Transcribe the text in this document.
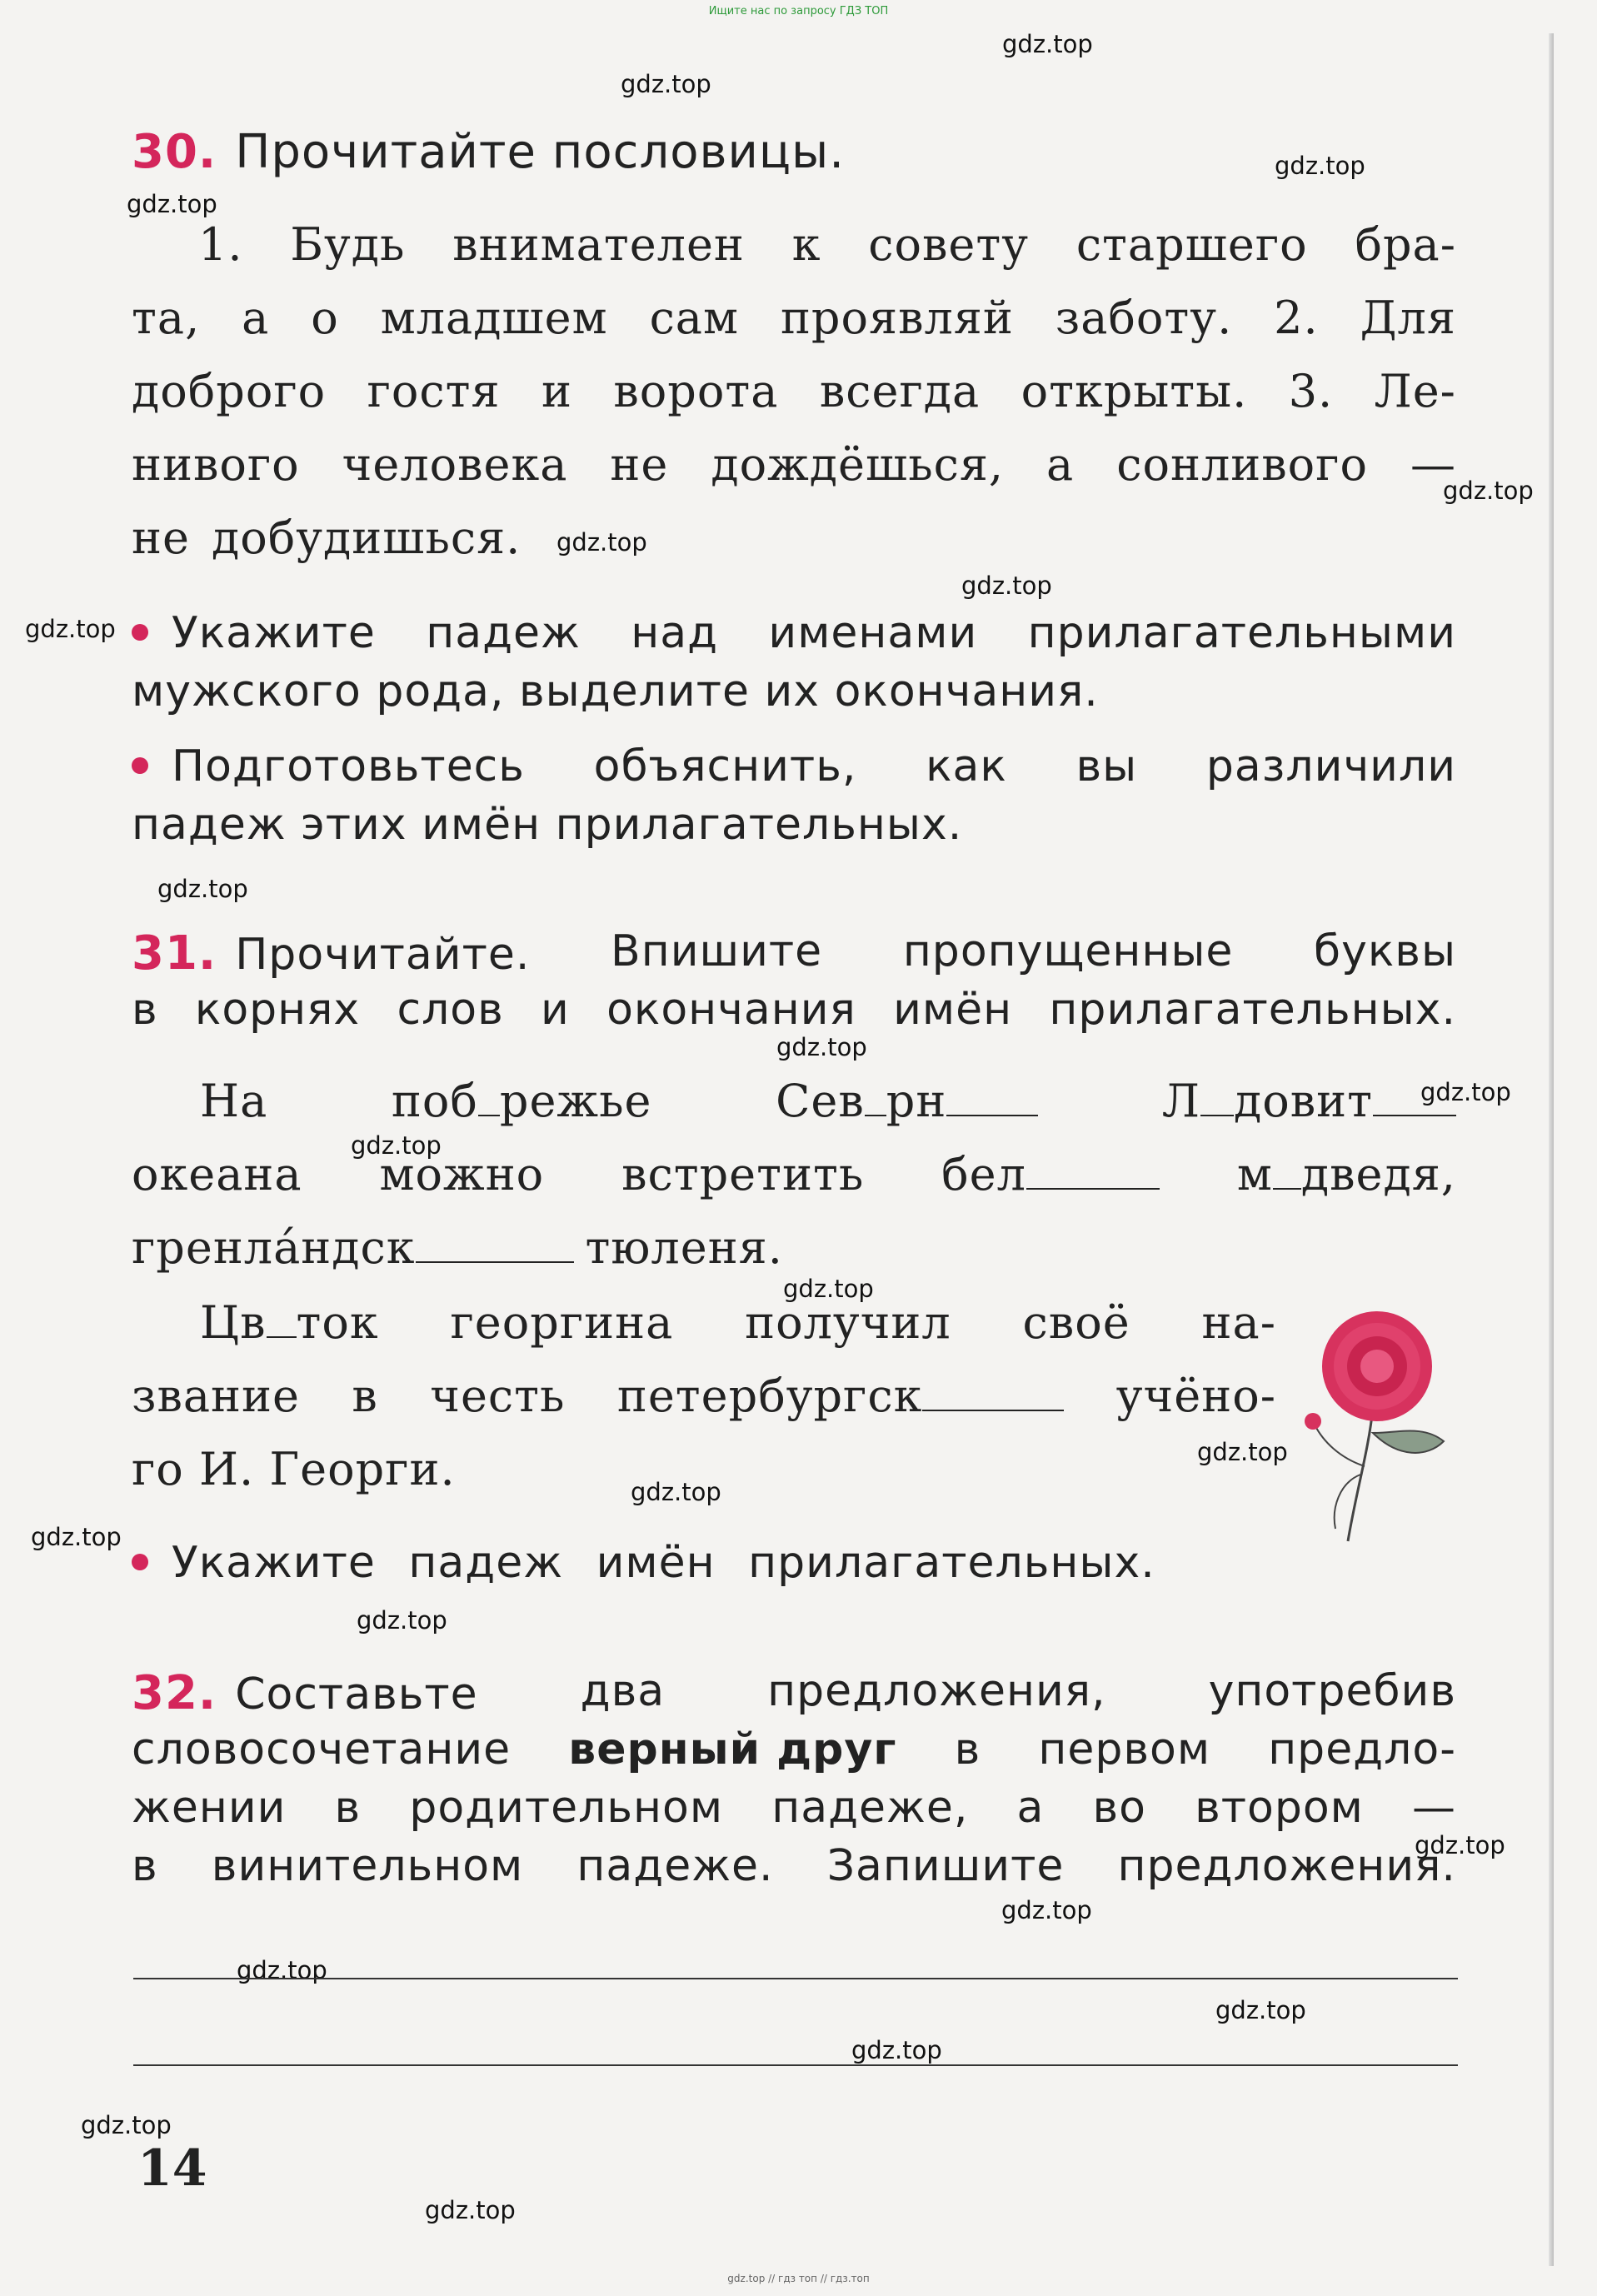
Ищите нас по запросу ГДЗ ТОП
gdz.top
gdz.top
gdz.top
gdz.top
gdz.top
gdz.top
gdz.top
gdz.top
gdz.top
gdz.top
gdz.top
gdz.top
gdz.top
gdz.top
gdz.top
gdz.top
gdz.top
gdz.top
gdz.top
gdz.top
gdz.top
gdz.top
gdz.top
gdz.top
30. Прочитайте пословицы.
1. Будь внимателен к совету старшего бра-
та, а о младшем сам проявляй заботу. 2. Для
доброго гостя и ворота всегда открыты. 3. Ле-
нивого человека не дождёшься, а сонливого —
не добудишься.
Укажите падеж над именами прилагательными
мужского рода, выделите их окончания.
Подготовьтесь объяснить, как вы различили
падеж этих имён прилагательных.
31. Прочитайте. Впишите пропущенные буквы
в корнях слов и окончания имён прилагательных.
На	поб режье	Сев рн	Л довит
океана можно встретить бел	м дведя,
гренла́ндск	тюленя.
Цв ток георгина получил своё на-
звание в честь петербургск	учёно-
го И. Георги.
Укажите падеж имён прилагательных.
32. Составьте два предложения, употребив
словосочетание верный друг в первом предло-
жении в родительном падеже, а во втором —
в винительном падеже. Запишите предложения.
14
gdz.top // гдз топ // гдз.топ
